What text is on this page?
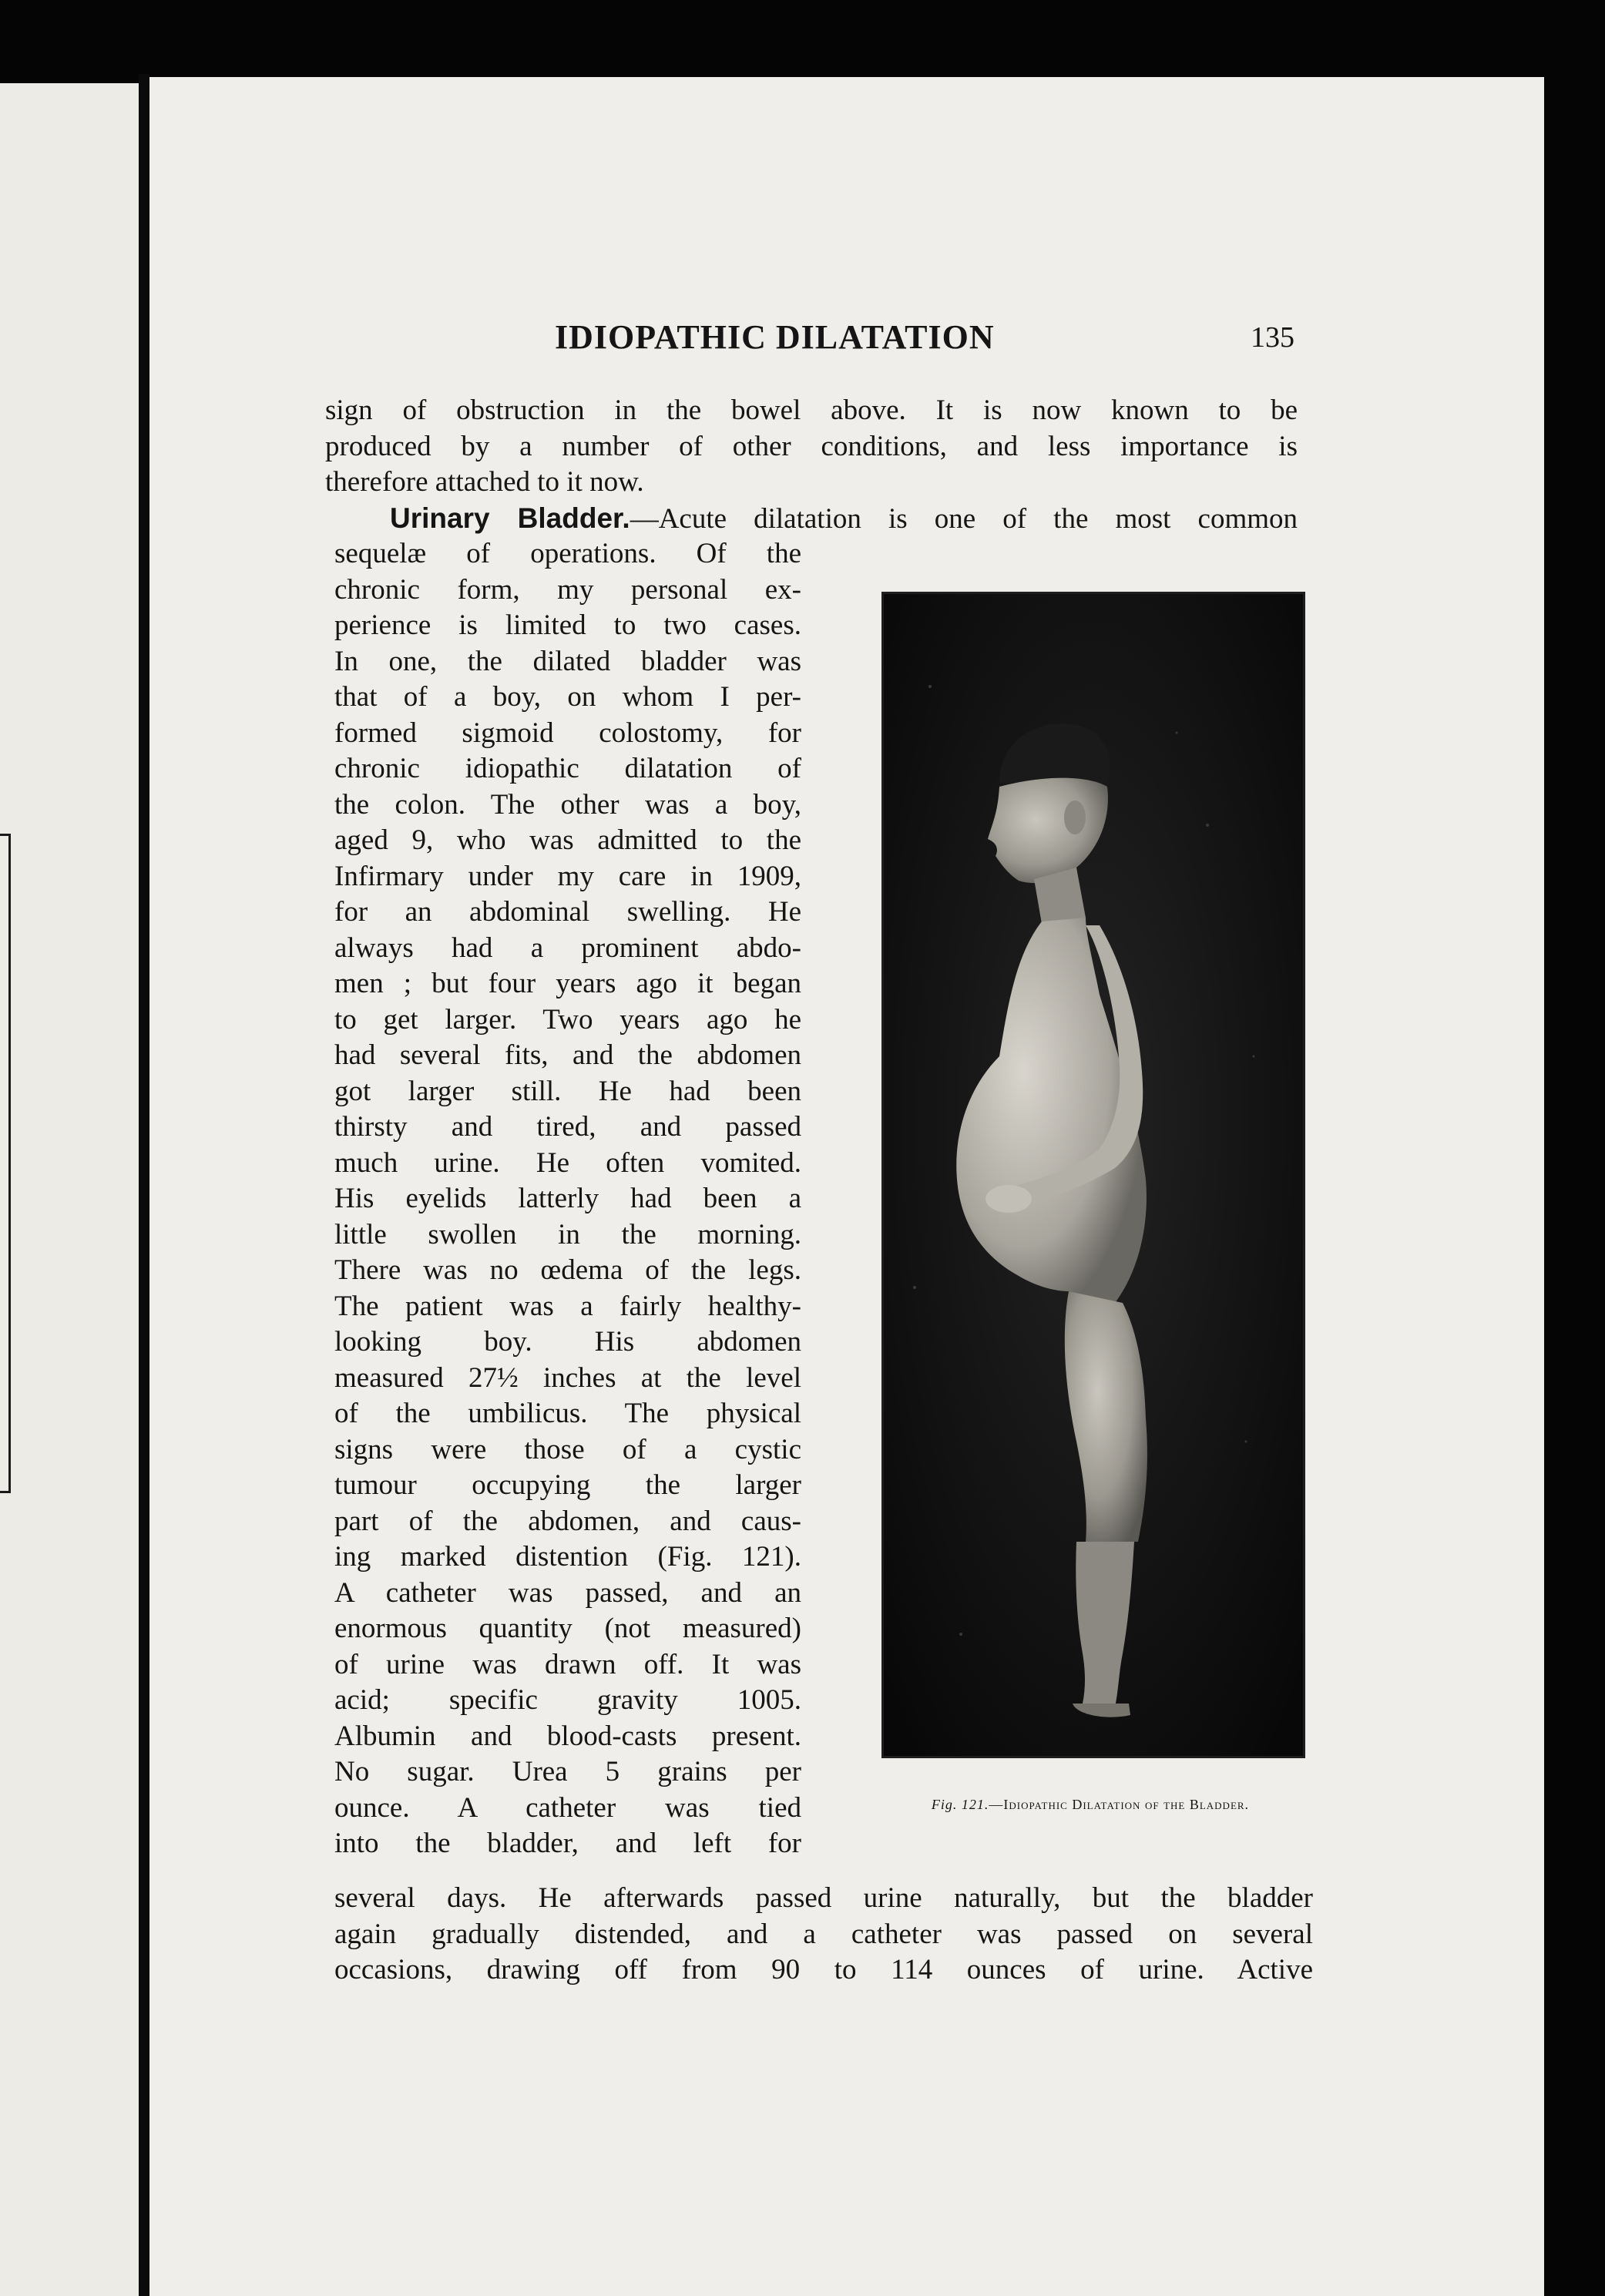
IDIOPATHIC DILATATION	135
sign of obstruction in the bowel above. It is now known to be
produced by a number of other conditions, and less importance is
therefore attached to it now.
Urinary Bladder.—Acute dilatation is one of the most common
sequelæ of operations. Of the
chronic form, my personal ex-
perience is limited to two cases.
In one, the dilated bladder was
that of a boy, on whom I per-
formed sigmoid colostomy, for
chronic idiopathic dilatation of
the colon. The other was a boy,
aged 9, who was admitted to the
Infirmary under my care in 1909,
for an abdominal swelling. He
always had a prominent abdo-
men ; but four years ago it began
to get larger. Two years ago he
had several fits, and the abdomen
got larger still. He had been
thirsty and tired, and passed
much urine. He often vomited.
His eyelids latterly had been a
little swollen in the morning.
There was no œdema of the legs.
The patient was a fairly healthy-
looking boy. His abdomen
measured 27½ inches at the level
of the umbilicus. The physical
signs were those of a cystic
tumour occupying the larger
part of the abdomen, and caus-
ing marked distention (Fig. 121).
A catheter was passed, and an
enormous quantity (not measured)
of urine was drawn off. It was
acid; specific gravity 1005.
Albumin and blood-casts present.
No sugar. Urea 5 grains per
ounce. A catheter was tied
into the bladder, and left for
several days. He afterwards passed urine naturally, but the bladder
again gradually distended, and a catheter was passed on several
occasions, drawing off from 90 to 114 ounces of urine. Active
Fig. 121.—Idiopathic Dilatation of the Bladder.
